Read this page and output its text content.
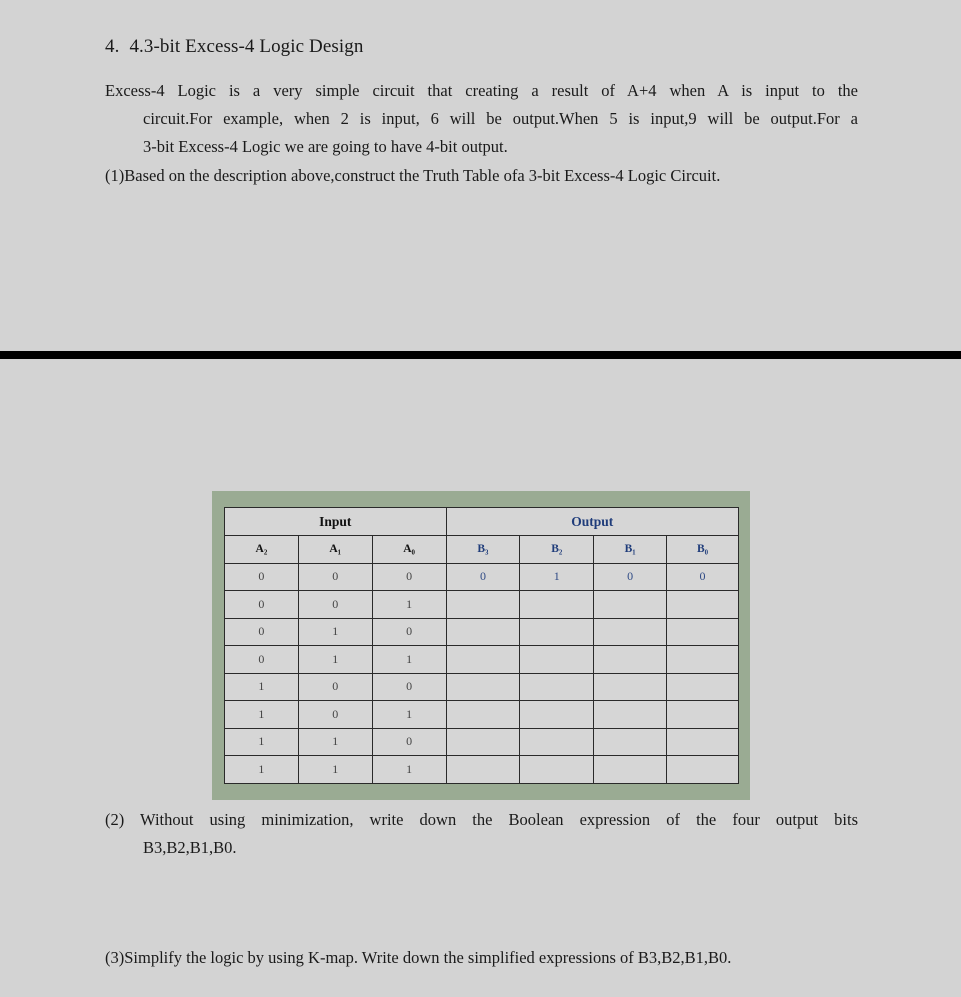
4. 4.3-bit Excess-4 Logic Design
Excess-4 Logic is a very simple circuit that creating a result of A+4 when A is input to the
circuit.For example, when 2 is input, 6 will be output.When 5 is input,9 will be output.For a
3-bit Excess-4 Logic we are going to have 4-bit output.
(1)Based on the description above,construct the Truth Table ofa 3-bit Excess-4 Logic Circuit.
Input			Output			
A₂	A₁	A₀	B₃	B₂	B₁	B₀
0	0	0	0	1	0	0
0	0	1				
0	1	0				
0	1	1				
1	0	0				
1	0	1				
1	1	0				
1	1	1				
(2) Without using minimization, write down the Boolean expression of the four output bits
B3,B2,B1,B0.
(3)Simplify the logic by using K-map. Write down the simplified expressions of B3,B2,B1,B0.
